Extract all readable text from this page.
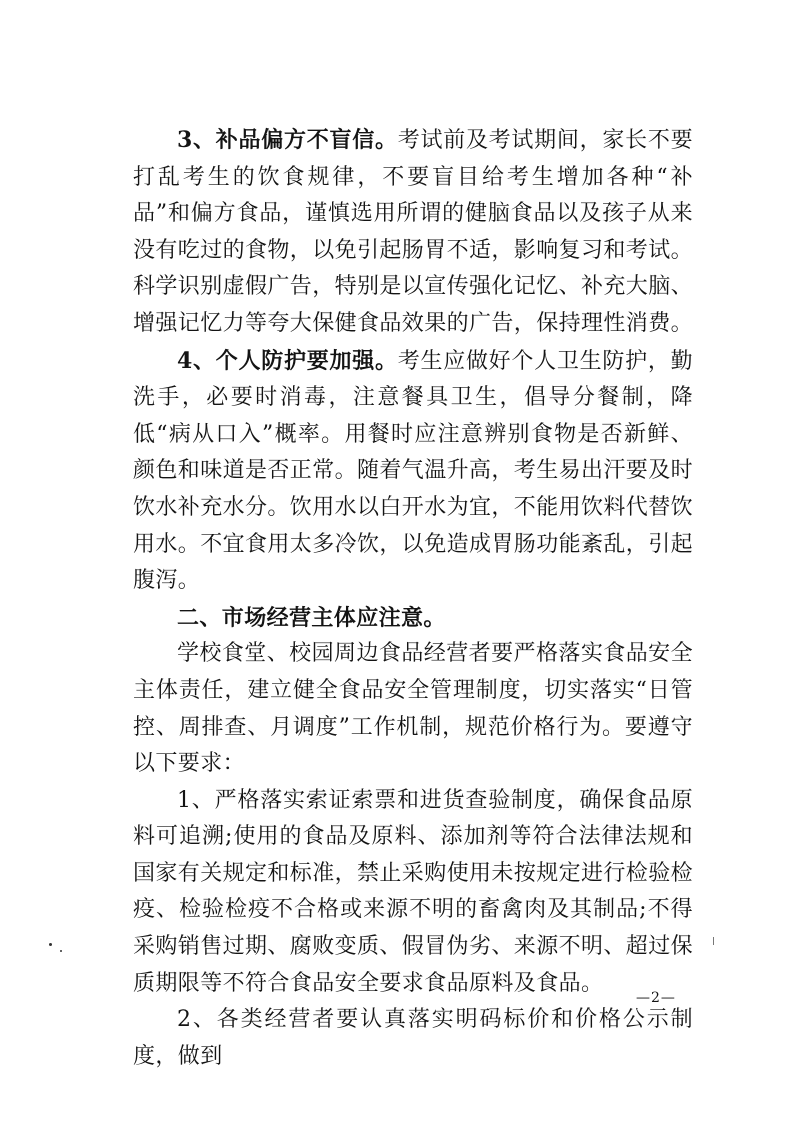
3、补品偏方不盲信。考试前及考试期间，家长不要打乱考生的饮食规律，不要盲目给考生增加各种“补品”和偏方食品，谨慎选用所谓的健脑食品以及孩子从来没有吃过的食物，以免引起肠胃不适，影响复习和考试。科学识别虚假广告，特别是以宣传强化记忆、补充大脑、增强记忆力等夸大保健食品效果的广告，保持理性消费。

4、个人防护要加强。考生应做好个人卫生防护，勤洗手，必要时消毒，注意餐具卫生，倡导分餐制，降低“病从口入”概率。用餐时应注意辨别食物是否新鲜、颜色和味道是否正常。随着气温升高，考生易出汗要及时饮水补充水分。饮用水以白开水为宜，不能用饮料代替饮用水。不宜食用太多冷饮，以免造成胃肠功能紊乱，引起腹泻。

二、市场经营主体应注意。

学校食堂、校园周边食品经营者要严格落实食品安全主体责任，建立健全食品安全管理制度，切实落实“日管控、周排查、月调度”工作机制，规范价格行为。要遵守以下要求：

1、严格落实索证索票和进货查验制度，确保食品原料可追溯;使用的食品及原料、添加剂等符合法律法规和国家有关规定和标准，禁止采购使用未按规定进行检验检疫、检验检疫不合格或来源不明的畜禽肉及其制品;不得采购销售过期、腐败变质、假冒伪劣、来源不明、超过保质期限等不符合食品安全要求食品原料及食品。

2、各类经营者要认真落实明码标价和价格公示制度，做到

—2—
